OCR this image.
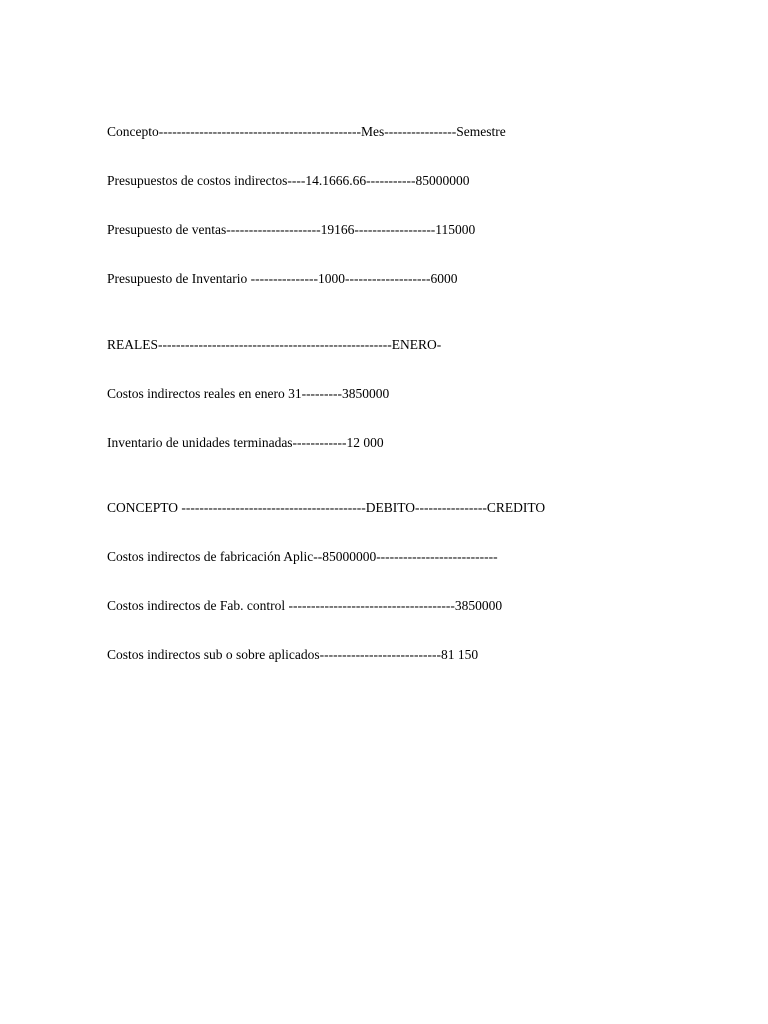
Concepto---------------------------------------------Mes----------------Semestre
Presupuestos de costos indirectos----14.1666.66-----------85000000
Presupuesto de ventas---------------------19166------------------115000
Presupuesto de Inventario ---------------1000-------------------6000
REALES----------------------------------------------------ENERO-
Costos indirectos reales en enero 31---------3850000
Inventario de unidades terminadas------------12 000
CONCEPTO -----------------------------------------DEBITO----------------CREDITO
Costos indirectos de fabricación Aplic--85000000---------------------------
Costos indirectos de Fab. control -------------------------------------3850000
Costos indirectos sub o sobre aplicados---------------------------81 150
